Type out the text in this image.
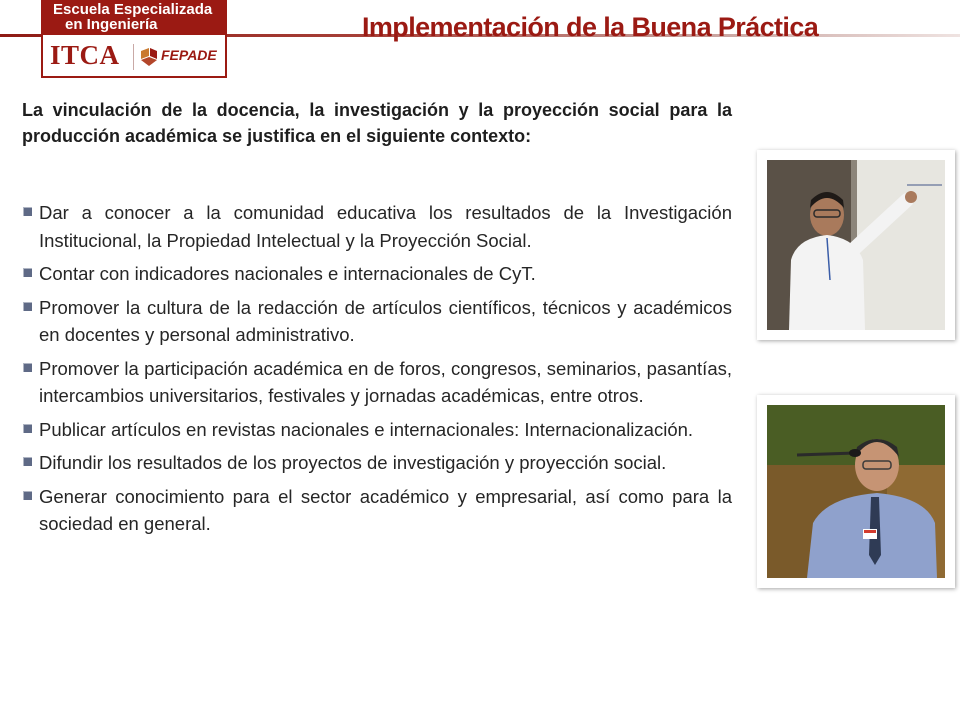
Escuela Especializada
en Ingeniería
ITCA	FEPADE
Implementación de la Buena Práctica

La vinculación de la docencia, la investigación y la proyección social para la producción académica se justifica en el siguiente contexto:

Dar a conocer a la comunidad educativa los resultados de la Investigación Institucional, la Propiedad Intelectual y la Proyección Social.
Contar con indicadores nacionales e internacionales de CyT.
Promover la cultura de la redacción de artículos científicos, técnicos y académicos en docentes y personal administrativo.
Promover la participación académica en de foros, congresos, seminarios, pasantías, intercambios universitarios, festivales y jornadas académicas, entre otros.
Publicar artículos en revistas nacionales e internacionales: Internacionalización.
Difundir los resultados de los proyectos de investigación y proyección social.
Generar conocimiento para el sector académico y empresarial, así como para la sociedad en general.
